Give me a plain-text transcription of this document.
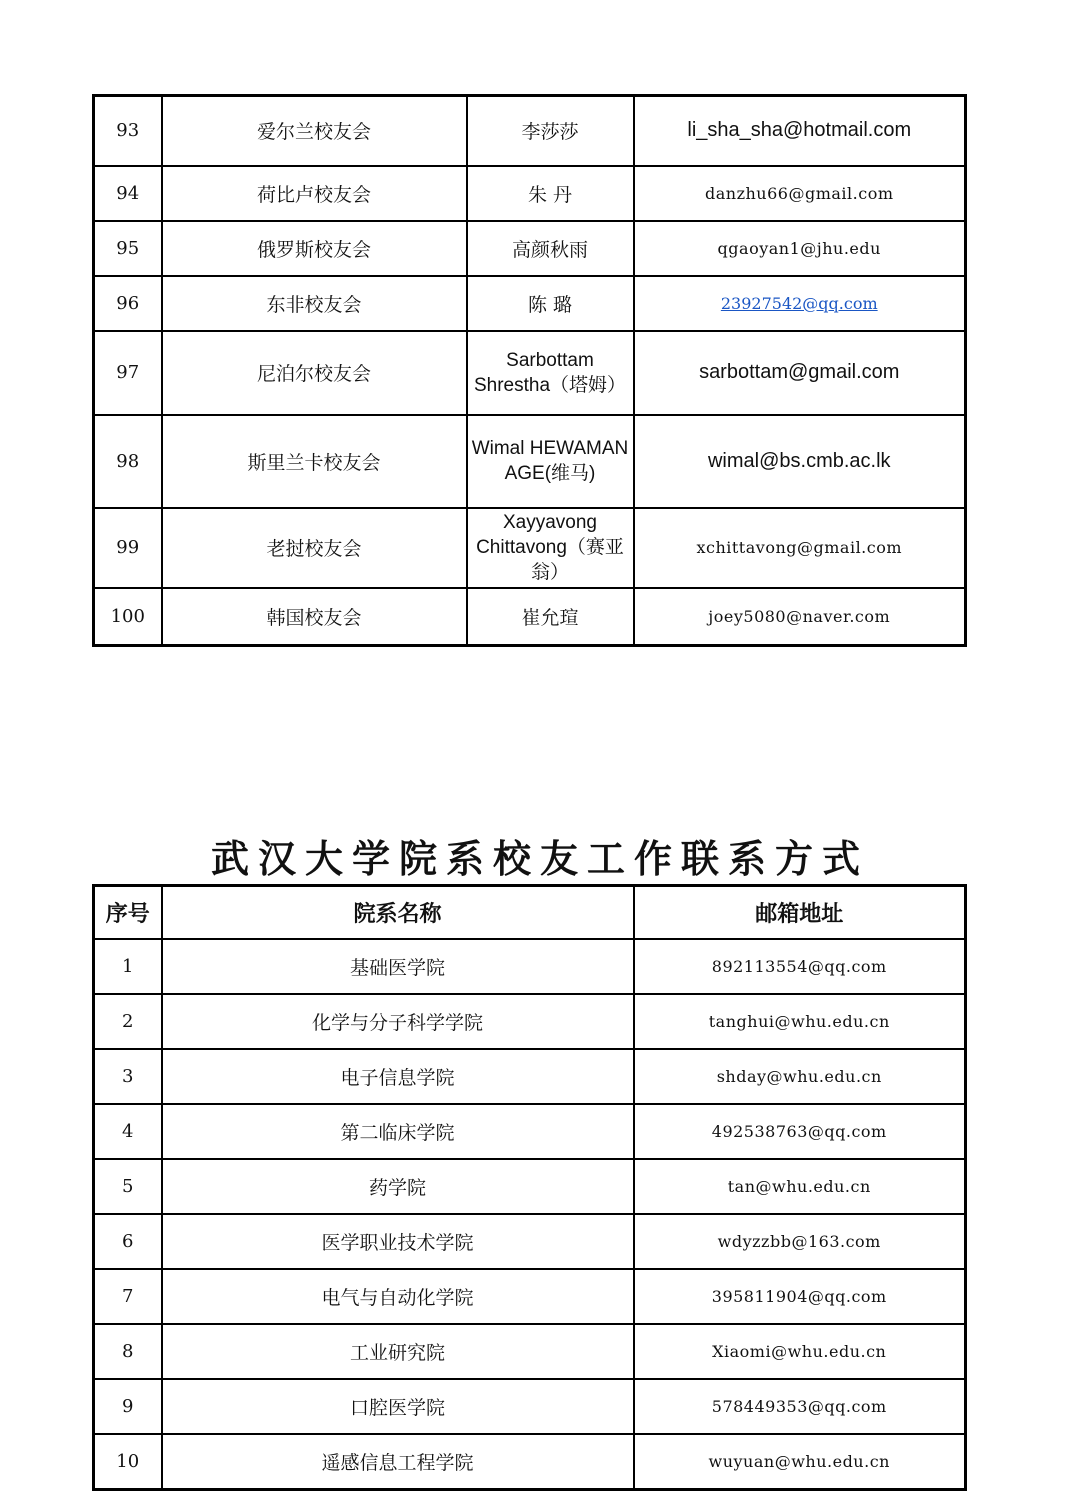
93	爱尔兰校友会	李莎莎	li_sha_sha@hotmail.com
94	荷比卢校友会	朱 丹	danzhu66@gmail.com
95	俄罗斯校友会	高颜秋雨	qgaoyan1@jhu.edu
96	东非校友会	陈 璐	23927542@qq.com
97	尼泊尔校友会	Sarbottam Shrestha（塔姆）	sarbottam@gmail.com
98	斯里兰卡校友会	Wimal HEWAMANAGE(维马)	wimal@bs.cmb.ac.lk
99	老挝校友会	Xayyavong Chittavong（赛亚翁）	xchittavong@gmail.com
100	韩国校友会	崔允瑄	joey5080@naver.com
武汉大学院系校友工作联系方式
序号	院系名称	邮箱地址
1	基础医学院	892113554@qq.com
2	化学与分子科学学院	tanghui@whu.edu.cn
3	电子信息学院	shday@whu.edu.cn
4	第二临床学院	492538763@qq.com
5	药学院	tan@whu.edu.cn
6	医学职业技术学院	wdyzzbb@163.com
7	电气与自动化学院	395811904@qq.com
8	工业研究院	Xiaomi@whu.edu.cn
9	口腔医学院	578449353@qq.com
10	遥感信息工程学院	wuyuan@whu.edu.cn
